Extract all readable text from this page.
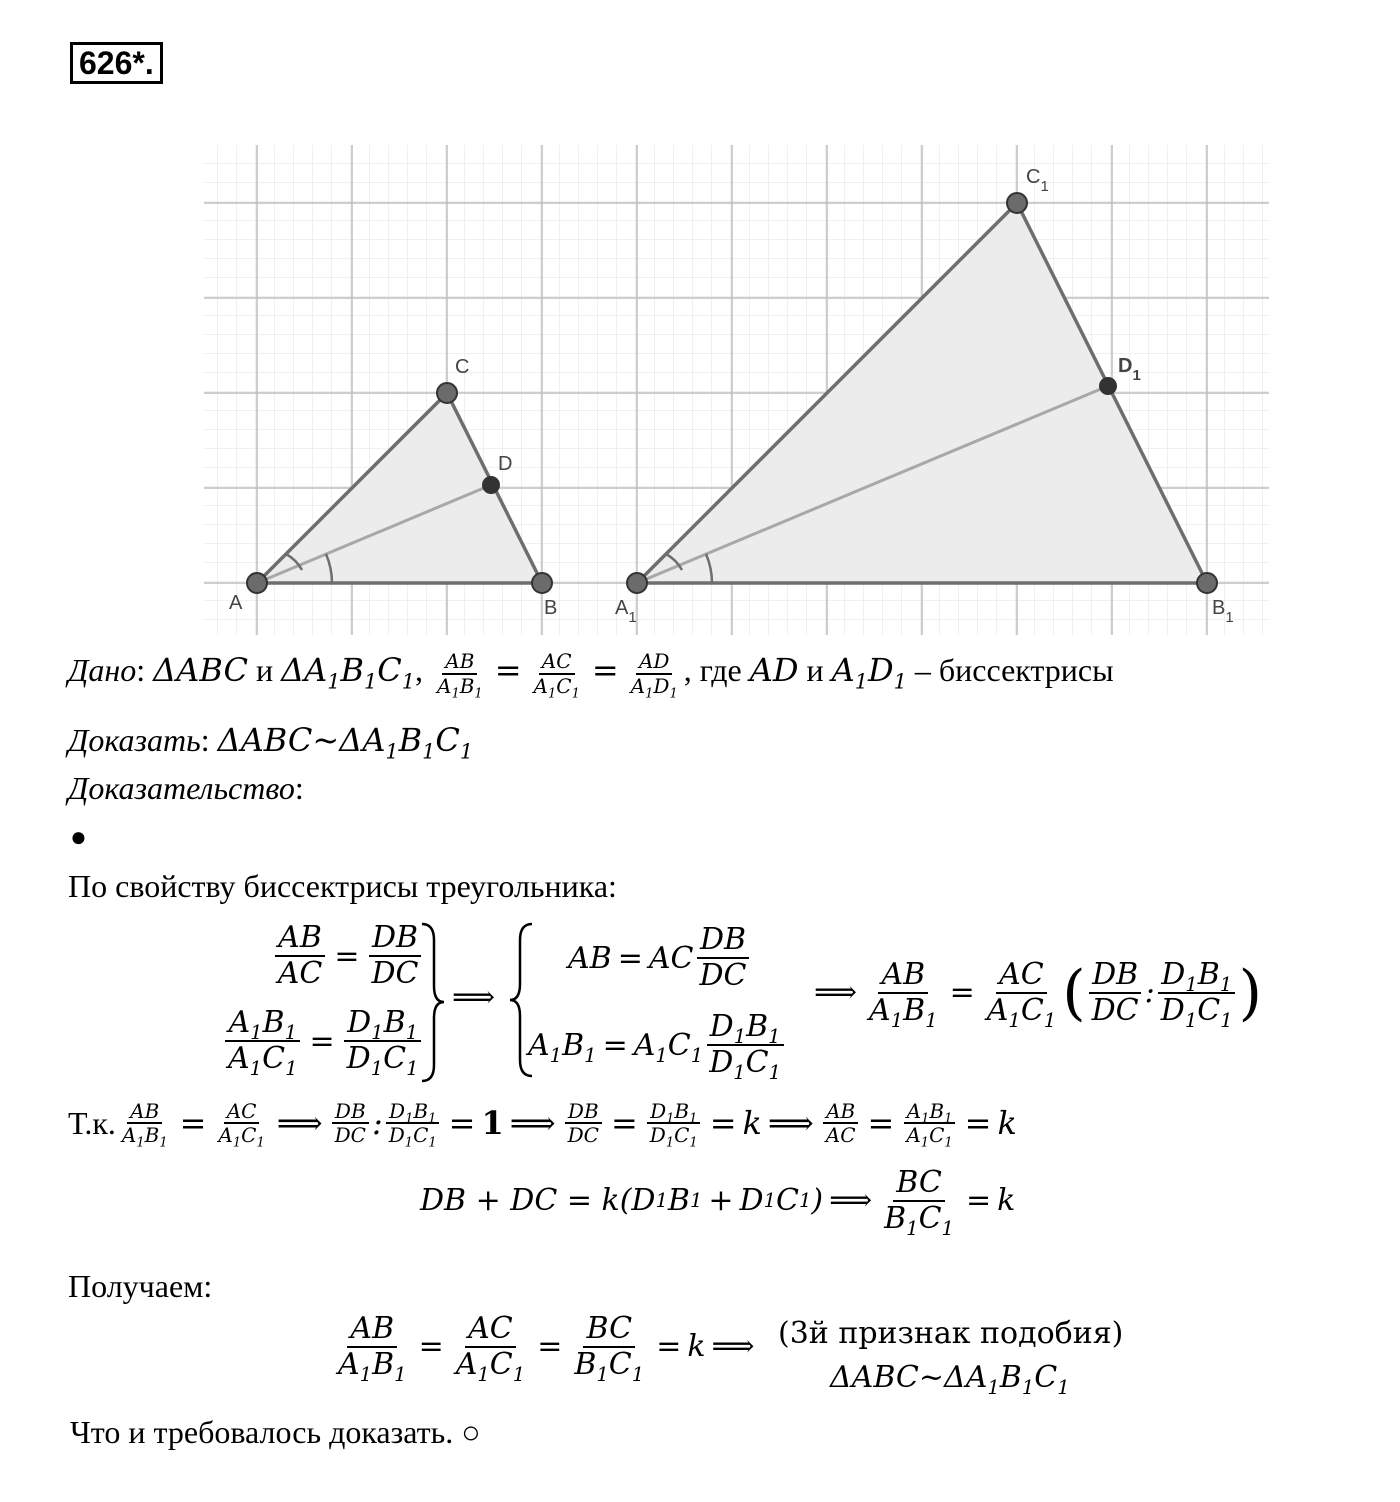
626*.
A	B
C
D
$A_1$	$B_1$
$C_1$
$D_1$
Дано: ΔABC и $\Delta A_1B_1C_1$, $\frac{AB}{A_1B_1} = \frac{AC}{A_1C_1} = \frac{AD}{A_1D_1}$ , где AD и $A_1D_1$ – биссектрисы
Доказать: $\Delta ABC\sim\Delta A_1B_1C_1$
Доказательство:
●
По свойству биссектрисы треугольника:
$\frac{AB}{AC} = \frac{DB}{DC}$
$\frac{A_1B_1}{A_1C_1} = \frac{D_1B_1}{D_1C_1}$
⟹
AB = AC $\frac{DB}{DC}$
$A_1B_1 = A_1C_1 \frac{D_1B_1}{D_1C_1}$
⟹ $\frac{AB}{A_1B_1} = \frac{AC}{A_1C_1}$ ( $\frac{DB}{DC}$ : $\frac{D_1B_1}{D_1C_1}$ )
Т.к. $\frac{AB}{A_1B_1} = \frac{AC}{A_1C_1}$ ⟹ $\frac{DB}{DC}$ : $\frac{D_1B_1}{D_1C_1} = 1$ ⟹ $\frac{DB}{DC} = \frac{D_1B_1}{D_1C_1} = k$ ⟹ $\frac{AB}{AC} = \frac{A_1B_1}{A_1C_1} = k$
DB + DC = k(D 1 B 1 + D 1 C 1 ) ⟹ $\frac{BC}{B_1C_1} = k$
Получаем:
$\frac{AB}{A_1B_1} = \frac{AC}{A_1C_1} = \frac{BC}{B_1C_1} = k$ ⟹ (3й признак подобия)
$\Delta ABC\sim\Delta A_1B_1C_1$
Что и требовалось доказать. ○
